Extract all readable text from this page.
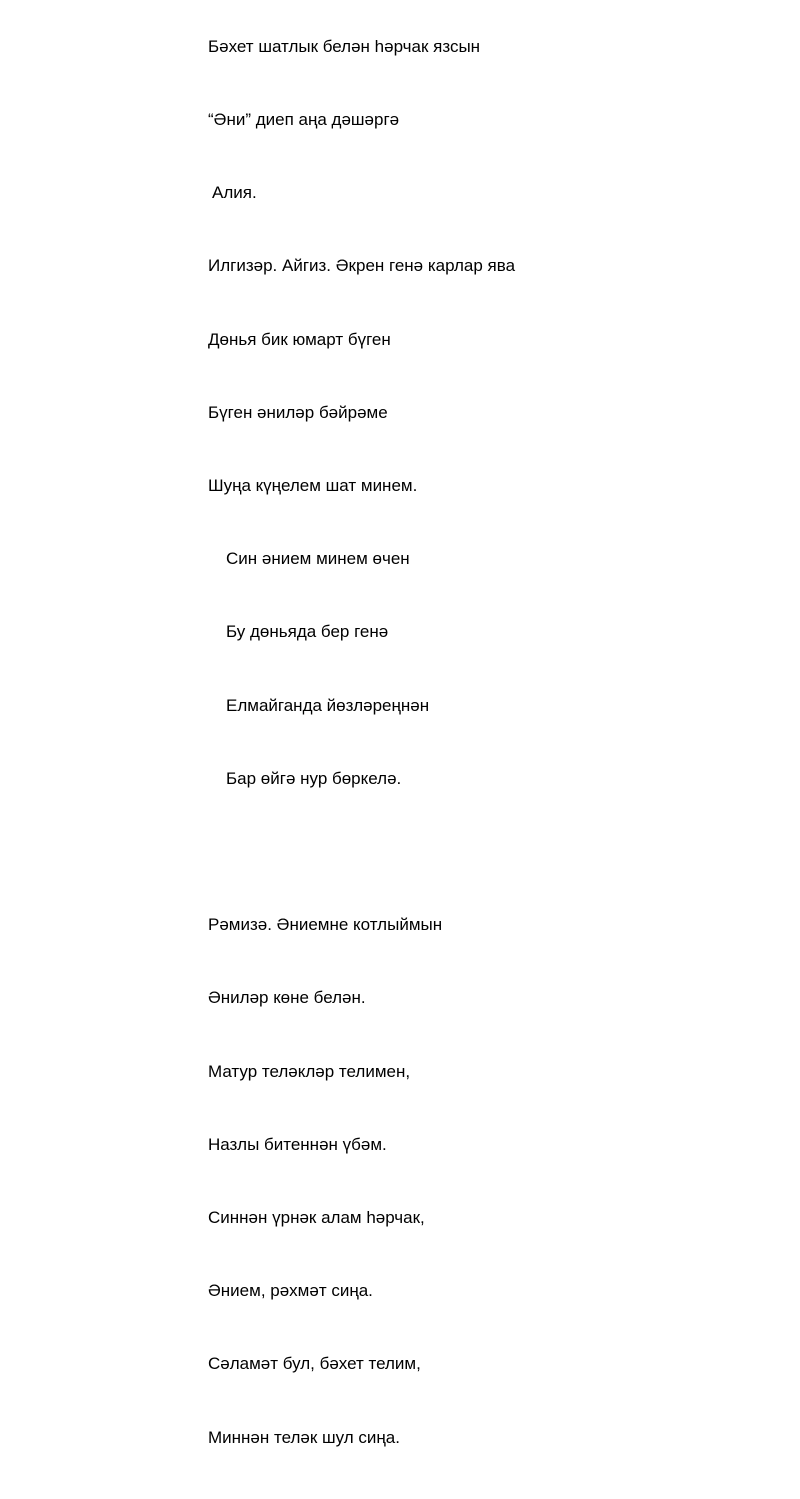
Бәхет шатлык белән һәрчак язсын

“Әни” диеп аңа дәшәргә

Алия.

Илгизәр. Айгиз. Әкрен генә карлар ява

Дөнья бик юмарт бүген

Бүген әниләр бәйрәме

Шуңа күңелем шат минем.

Син әнием минем өчен

Бу дөньяда бер генә

Елмайганда йөзләреңнән

Бар өйгә нур бөркелә.

Рәмизә. Әниемне котлыймын

Әниләр көне белән.

Матур теләкләр телимен,

Назлы битеннән үбәм.

Синнән үрнәк алам һәрчак,

Әнием, рәхмәт сиңа.

Сәламәт бул, бәхет телим,

Миннән теләк шул сиңа.
